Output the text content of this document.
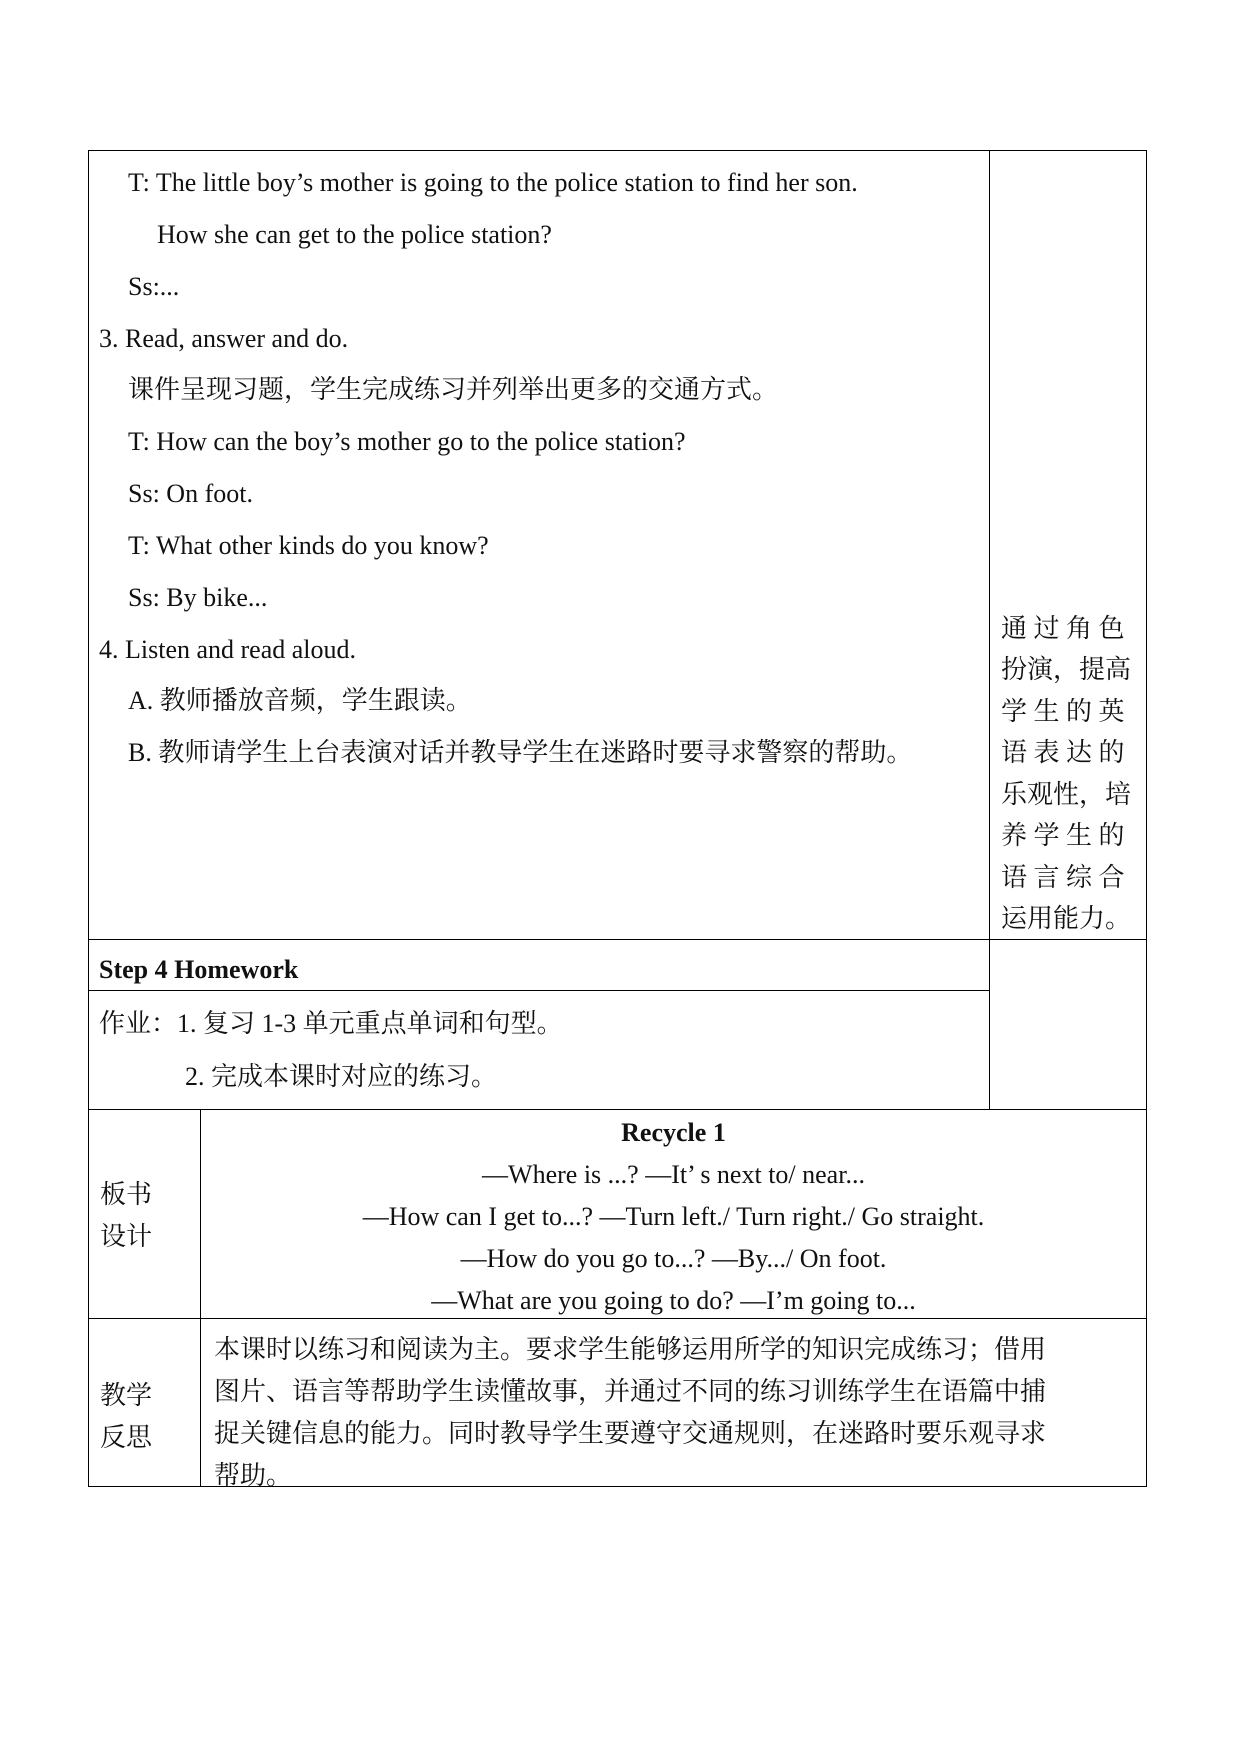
T: The little boy’s mother is going to the police station to find her son.
How she can get to the police station?
Ss:...
3. Read, answer and do.
课件呈现习题，学生完成练习并列举出更多的交通方式。
T: How can the boy’s mother go to the police station?
Ss: On foot.
T: What other kinds do you know?
Ss: By bike...
4. Listen and read aloud.
A. 教师播放音频，学生跟读。
B. 教师请学生上台表演对话并教导学生在迷路时要寻求警察的帮助。
通 过 角 色
扮演，提高
学 生 的 英
语 表 达 的
乐观性，培
养 学 生 的
语 言 综 合
运用能力。
Step 4 Homework
作业：1. 复习 1-3 单元重点单词和句型。
2. 完成本课时对应的练习。
板书
设计
Recycle 1
—Where is ...? —It’ s next to/ near...
—How can I get to...? —Turn left./ Turn right./ Go straight.
—How do you go to...? —By.../ On foot.
—What are you going to do? —I’m going to...
教学
反思
本课时以练习和阅读为主。要求学生能够运用所学的知识完成练习；借用
图片、语言等帮助学生读懂故事，并通过不同的练习训练学生在语篇中捕
捉关键信息的能力。同时教导学生要遵守交通规则，在迷路时要乐观寻求
帮助。
